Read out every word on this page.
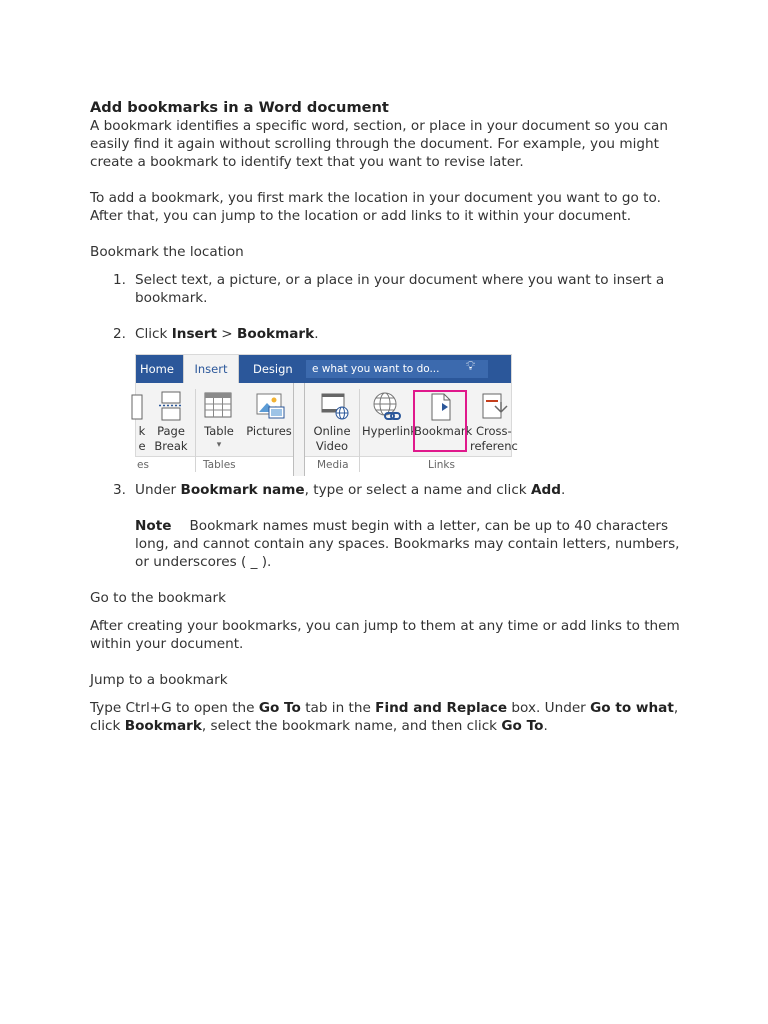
Add bookmarks in a Word document

A bookmark identifies a specific word, section, or place in your document so you can easily find it again without scrolling through the document. For example, you might create a bookmark to identify text that you want to revise later.

To add a bookmark, you first mark the location in your document you want to go to. After that, you can jump to the location or add links to it within your document.

Bookmark the location

1. Select text, a picture, or a place in your document where you want to insert a bookmark.
2. Click Insert > Bookmark.
Home	Insert	Design	e what you want to do...	💡︎
k
e
Page
Break
Table
▾
Pictures Online
Video
Hyperlink
Bookmark Cross-
referenc
es	Tables	Media	Links
3. Under Bookmark name, type or select a name and click Add.

Note Bookmark names must begin with a letter, can be up to 40 characters long, and cannot contain any spaces. Bookmarks may contain letters, numbers, or underscores ( _ ).

Go to the bookmark

After creating your bookmarks, you can jump to them at any time or add links to them within your document.

Jump to a bookmark

Type Ctrl+G to open the Go To tab in the Find and Replace box. Under Go to what, click Bookmark, select the bookmark name, and then click Go To.
